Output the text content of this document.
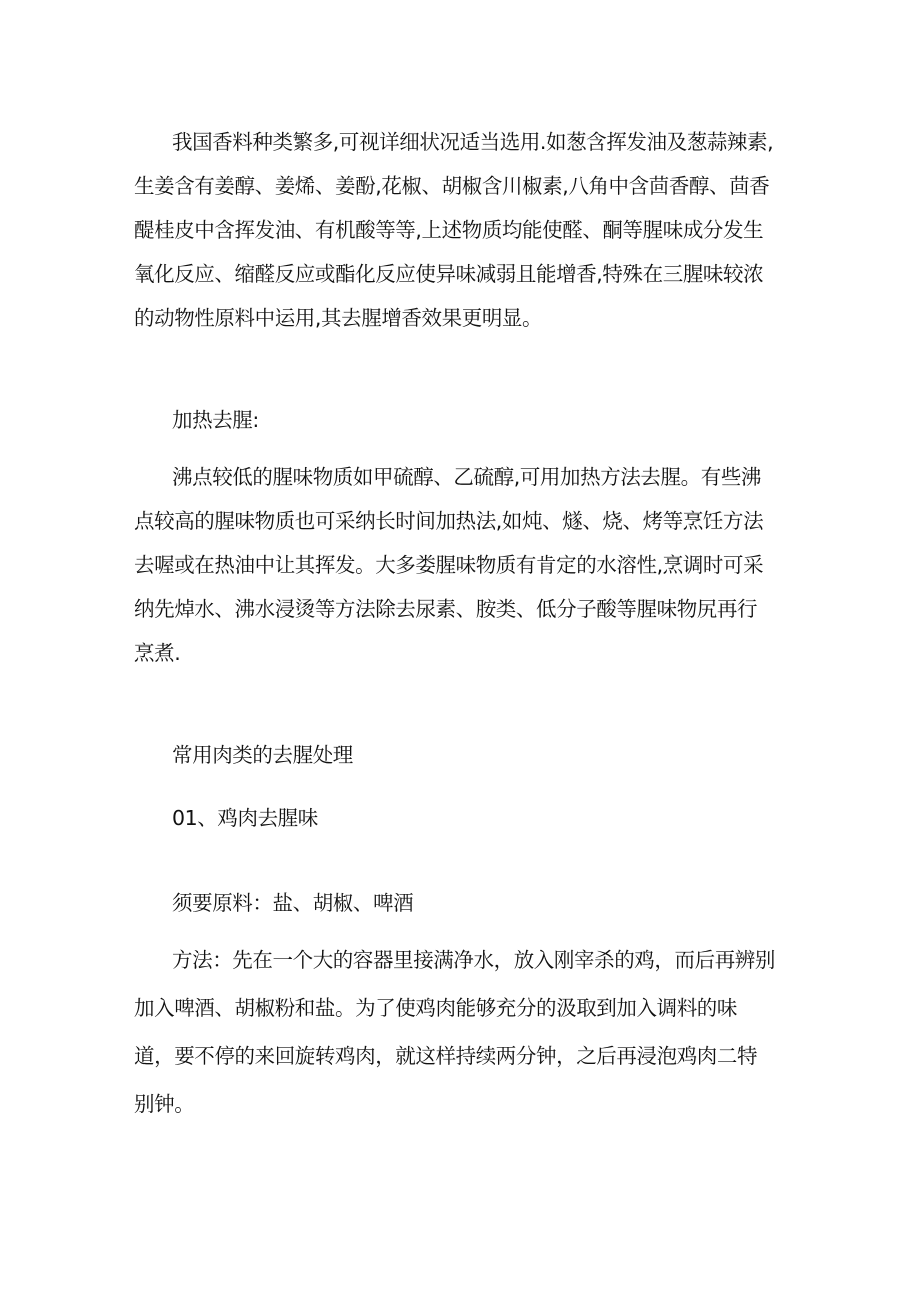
我国香料种类繁多,可视详细状况适当选用.如葱含挥发油及葱蒜辣素,
生姜含有姜醇、姜烯、姜酚,花椒、胡椒含川椒素,八角中含茴香醇、茴香
醍桂皮中含挥发油、有机酸等等,上述物质均能使醛、酮等腥味成分发生
氧化反应、缩醛反应或酯化反应使异味减弱且能增香,特殊在三腥味较浓
的动物性原料中运用,其去腥增香效果更明显。
加热去腥:
沸点较低的腥味物质如甲硫醇、乙硫醇,可用加热方法去腥。有些沸
点较高的腥味物质也可采纳长时间加热法,如炖、燧、烧、烤等烹饪方法
去喔或在热油中让其挥发。大多娄腥味物质有肯定的水溶性,烹调时可采
纳先焯水、沸水浸烫等方法除去尿素、胺类、低分子酸等腥味物尻再行
烹煮.
常用肉类的去腥处理
01、鸡肉去腥味
须要原料：盐、胡椒、啤酒
方法：先在一个大的容器里接满净水，放入刚宰杀的鸡，而后再辨别
加入啤酒、胡椒粉和盐。为了使鸡肉能够充分的汲取到加入调料的味
道，要不停的来回旋转鸡肉，就这样持续两分钟，之后再浸泡鸡肉二特
别钟。
